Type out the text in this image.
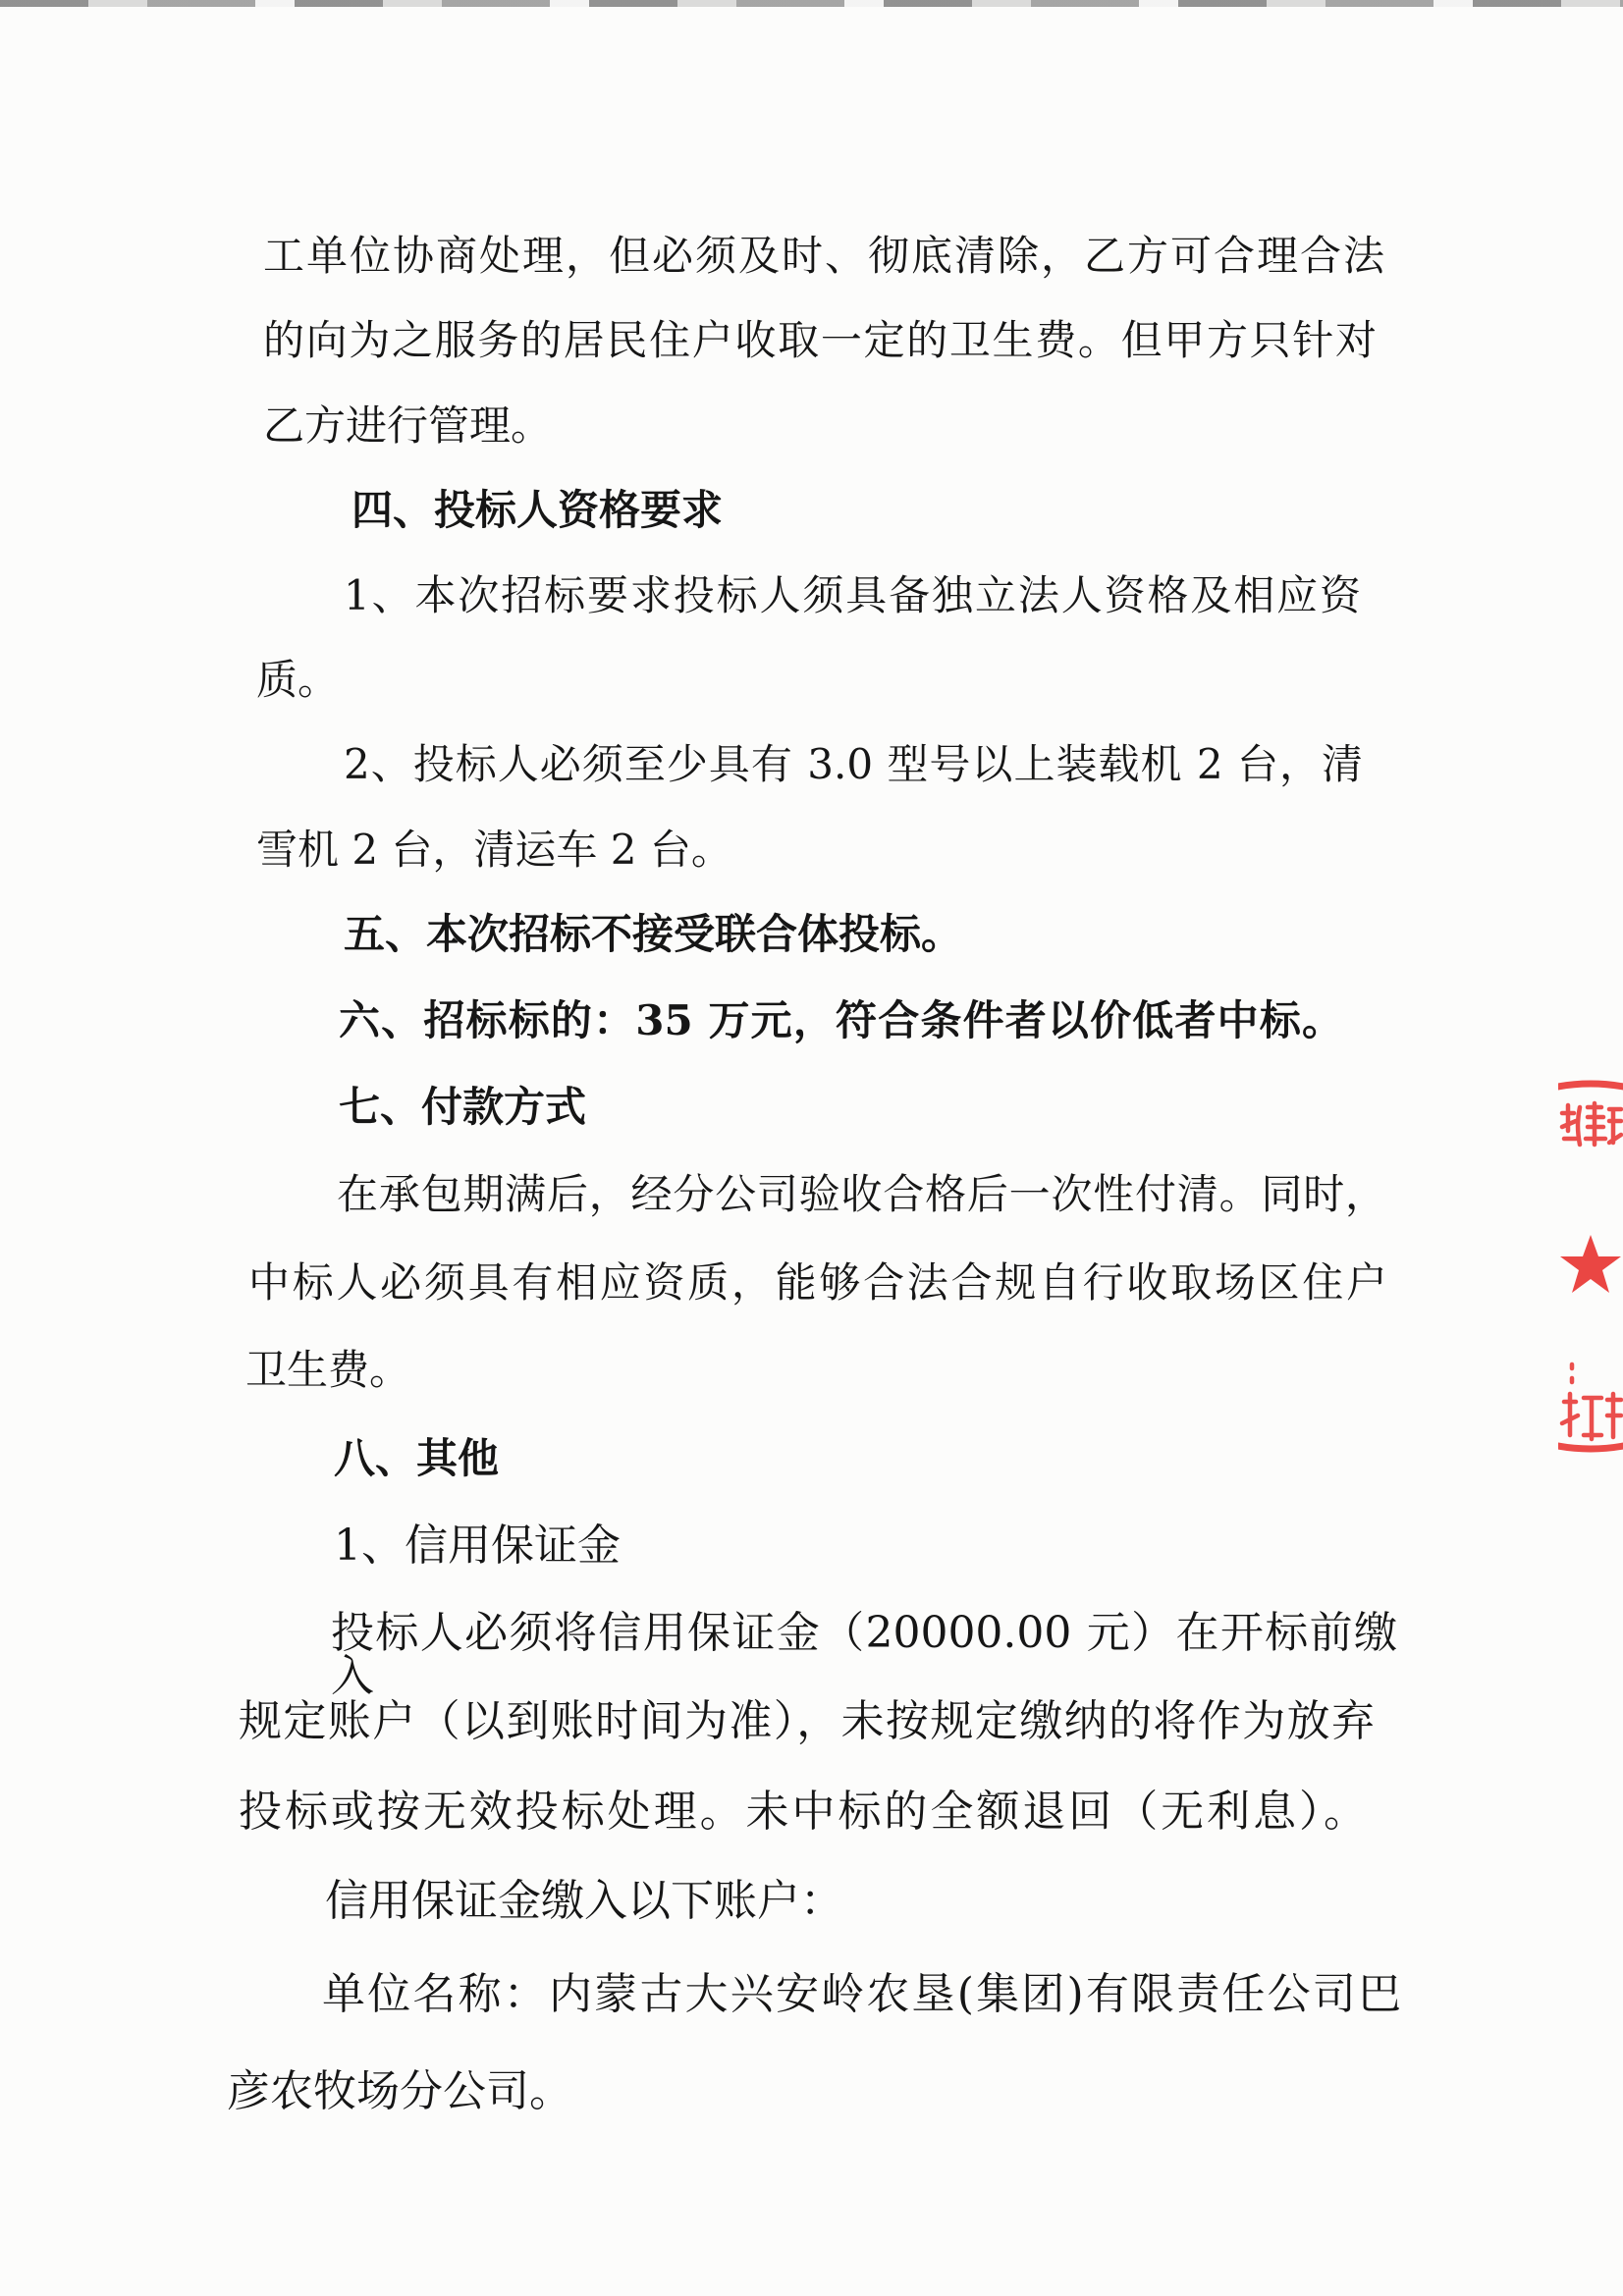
工单位协商处理，但必须及时、彻底清除，乙方可合理合法
的向为之服务的居民住户收取一定的卫生费。但甲方只针对
乙方进行管理。
四、投标人资格要求
1、本次招标要求投标人须具备独立法人资格及相应资
质。
2、投标人必须至少具有 3.0 型号以上装载机 2 台，清
雪机 2 台，清运车 2 台。
五、本次招标不接受联合体投标。
六、招标标的：35 万元，符合条件者以价低者中标。
七、付款方式
在承包期满后，经分公司验收合格后一次性付清。同时，
中标人必须具有相应资质，能够合法合规自行收取场区住户
卫生费。
八、其他
1、信用保证金
投标人必须将信用保证金（20000.00 元）在开标前缴入
规定账户（以到账时间为准），未按规定缴纳的将作为放弃
投标或按无效投标处理。未中标的全额退回（无利息）。
信用保证金缴入以下账户：
单位名称：内蒙古大兴安岭农垦(集团)有限责任公司巴
彦农牧场分公司。
